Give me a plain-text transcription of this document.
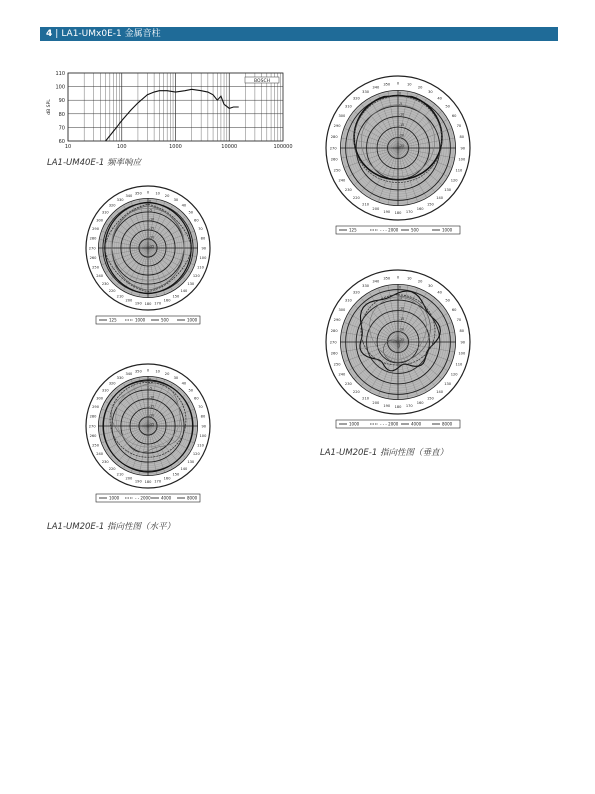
4 | LA1-UMx0E-1 金属音柱
110
100
90
80
70
60
10	100	1000	10000	100000
dB SPL
BOSCH
LA1-UM40E-1 频率响应
0 10
20
30
40
50
60
70
80
90
100
110
120
130
140
150
160
170
180
190
200
210
220
230
240
250
260
270
280
290
300
310
320
330
340
350
0
-5
-10
-15
-20
-25
125	1000	500	1000
0 10
20
30
40
50
60
70
80
90
100
110
120
130
140
150
160
170
180
190
200
210
220
230
240
250
260
270
280
290
300
310
320
330
340
350
0
-5
-10
-15
-20
-25
1000	- - 2000	4000	8000
LA1-UM20E-1 指向性图（水平）
0 10
20
30
40
50
60
70
80
90
100
110
120
130
140
150
160
170
180
190
200
210
220
230
240
250
260
270
280
290
300
310
320
330
340
350
0
-5
-10
-15
-20
-25
125	- - - 2000	500	1000
0 10
20
30
40
50
60
70
80
90
100
110
120
130
140
150
160
170
180
190
200
210
220
230
240
250
260
270
280
290
300
310
320
330
340
350
0
-5
-10
-15
-20
-25
1000	- - - 2000	4000	8000
LA1-UM20E-1 指向性图（垂直）
